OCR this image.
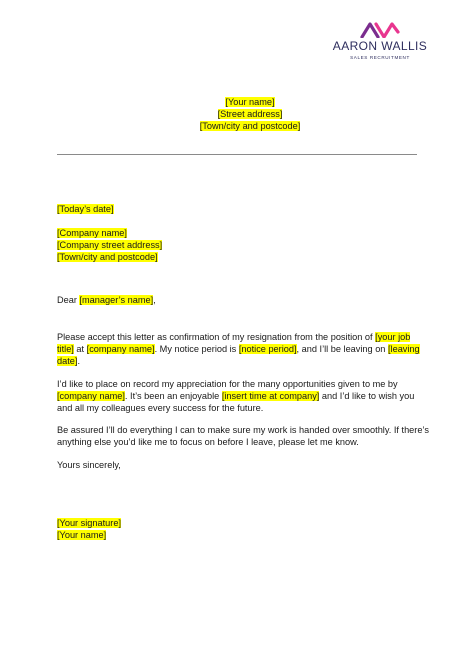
AARON WALLIS
SALES RECRUITMENT
[Your name]
[Street address]
[Town/city and postcode]
[Today’s date]
[Company name]
[Company street address]
[Town/city and postcode]
Dear [manager’s name],
Please accept this letter as confirmation of my resignation from the position of [your job
title] at [company name]. My notice period is [notice period], and I’ll be leaving on [leaving
date].
I’d like to place on record my appreciation for the many opportunities given to me by
[company name]. It’s been an enjoyable [insert time at company] and I’d like to wish you
and all my colleagues every success for the future.
Be assured I’ll do everything I can to make sure my work is handed over smoothly. If there’s
anything else you’d like me to focus on before I leave, please let me know.
Yours sincerely,
[Your signature]
[Your name]
